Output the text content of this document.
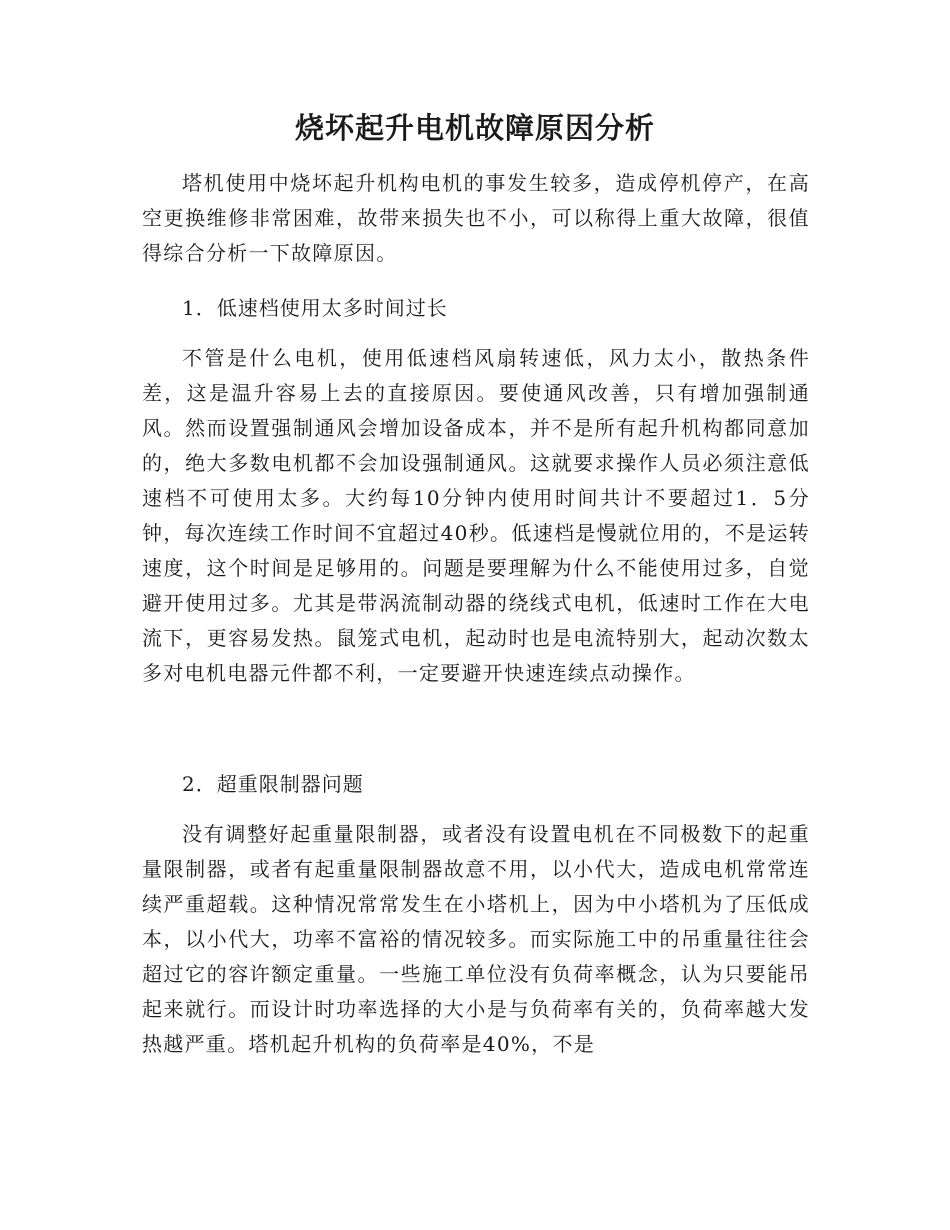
烧坏起升电机故障原因分析

塔机使用中烧坏起升机构电机的事发生较多，造成停机停产，在高空更换维修非常困难，故带来损失也不小，可以称得上重大故障，很值得综合分析一下故障原因。

1．低速档使用太多时间过长

不管是什么电机，使用低速档风扇转速低，风力太小，散热条件差，这是温升容易上去的直接原因。要使通风改善，只有增加强制通风。然而设置强制通风会增加设备成本，并不是所有起升机构都同意加的，绝大多数电机都不会加设强制通风。这就要求操作人员必须注意低速档不可使用太多。大约每10分钟内使用时间共计不要超过1．5分钟，每次连续工作时间不宜超过40秒。低速档是慢就位用的，不是运转速度，这个时间是足够用的。问题是要理解为什么不能使用过多，自觉避开使用过多。尤其是带涡流制动器的绕线式电机，低速时工作在大电流下，更容易发热。鼠笼式电机，起动时也是电流特别大，起动次数太多对电机电器元件都不利，一定要避开快速连续点动操作。

2．超重限制器问题

没有调整好起重量限制器，或者没有设置电机在不同极数下的起重量限制器，或者有起重量限制器故意不用，以小代大，造成电机常常连续严重超载。这种情况常常发生在小塔机上，因为中小塔机为了压低成本，以小代大，功率不富裕的情况较多。而实际施工中的吊重量往往会超过它的容许额定重量。一些施工单位没有负荷率概念，认为只要能吊起来就行。而设计时功率选择的大小是与负荷率有关的，负荷率越大发热越严重。塔机起升机构的负荷率是40%，不是
